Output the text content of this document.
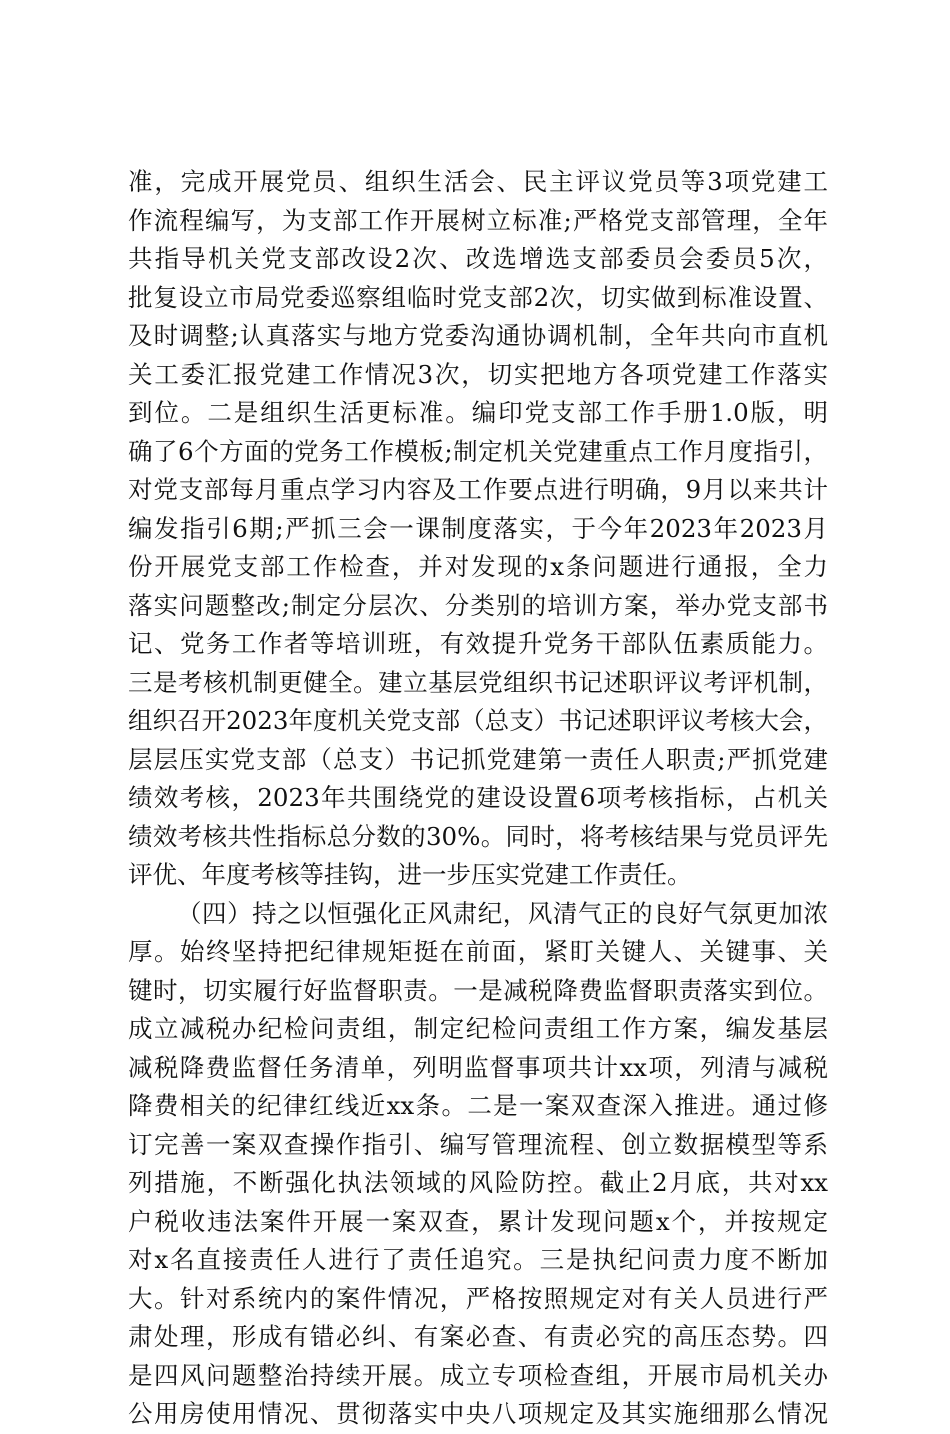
准，完成开展党员、组织生活会、民主评议党员等3项党建工
作流程编写，为支部工作开展树立标准;严格党支部管理，全年
共指导机关党支部改设2次、改选增选支部委员会委员5次，
批复设立市局党委巡察组临时党支部2次，切实做到标准设置、
及时调整;认真落实与地方党委沟通协调机制，全年共向市直机
关工委汇报党建工作情况3次，切实把地方各项党建工作落实
到位。二是组织生活更标准。编印党支部工作手册1.0版，明
确了6个方面的党务工作模板;制定机关党建重点工作月度指引，
对党支部每月重点学习内容及工作要点进行明确，9月以来共计
编发指引6期;严抓三会一课制度落实，于今年2023年2023月
份开展党支部工作检查，并对发现的x条问题进行通报，全力
落实问题整改;制定分层次、分类别的培训方案，举办党支部书
记、党务工作者等培训班，有效提升党务干部队伍素质能力。
三是考核机制更健全。建立基层党组织书记述职评议考评机制，
组织召开2023年度机关党支部（总支）书记述职评议考核大会，
层层压实党支部（总支）书记抓党建第一责任人职责;严抓党建
绩效考核，2023年共围绕党的建设设置6项考核指标，占机关
绩效考核共性指标总分数的30%。同时，将考核结果与党员评先
评优、年度考核等挂钩，进一步压实党建工作责任。
（四）持之以恒强化正风肃纪，风清气正的良好气氛更加浓
厚。始终坚持把纪律规矩挺在前面，紧盯关键人、关键事、关
键时，切实履行好监督职责。一是减税降费监督职责落实到位。
成立减税办纪检问责组，制定纪检问责组工作方案，编发基层
减税降费监督任务清单，列明监督事项共计xx项，列清与减税
降费相关的纪律红线近xx条。二是一案双查深入推进。通过修
订完善一案双查操作指引、编写管理流程、创立数据模型等系
列措施，不断强化执法领域的风险防控。截止2月底，共对xx
户税收违法案件开展一案双查，累计发现问题x个，并按规定
对x名直接责任人进行了责任追究。三是执纪问责力度不断加
大。针对系统内的案件情况，严格按照规定对有关人员进行严
肃处理，形成有错必纠、有案必查、有责必究的高压态势。四
是四风问题整治持续开展。成立专项检查组，开展市局机关办
公用房使用情况、贯彻落实中央八项规定及其实施细那么情况
